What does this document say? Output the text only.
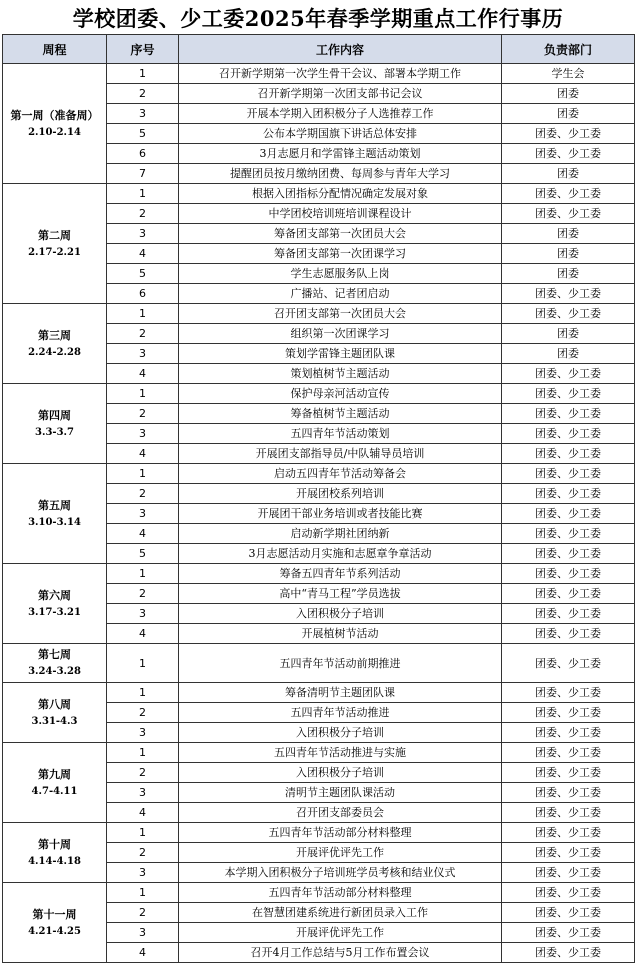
学校团委、少工委2025年春季学期重点工作行事历
周程	序号	工作内容	负责部门

第一周（准备周）
2.10-2.14	1	召开新学期第一次学生骨干会议、部署本学期工作	学生会
	2	召开新学期第一次团支部书记会议	团委
	3	开展本学期入团积极分子人选推荐工作	团委
	5	公布本学期国旗下讲话总体安排	团委、少工委
	6	3月志愿月和学雷锋主题活动策划	团委、少工委
	7	提醒团员按月缴纳团费、每周参与青年大学习	团委

第二周
2.17-2.21	1	根据入团指标分配情况确定发展对象	团委、少工委
	2	中学团校培训班培训课程设计	团委、少工委
	3	筹备团支部第一次团员大会	团委
	4	筹备团支部第一次团课学习	团委
	5	学生志愿服务队上岗	团委
	6	广播站、记者团启动	团委、少工委

第三周
2.24-2.28	1	召开团支部第一次团员大会	团委、少工委
	2	组织第一次团课学习	团委
	3	策划学雷锋主题团队课	团委
	4	策划植树节主题活动	团委、少工委

第四周
3.3-3.7	1	保护母亲河活动宣传	团委、少工委
	2	筹备植树节主题活动	团委、少工委
	3	五四青年节活动策划	团委、少工委
	4	开展团支部指导员/中队辅导员培训	团委、少工委

第五周
3.10-3.14	1	启动五四青年节活动筹备会	团委、少工委
	2	开展团校系列培训	团委、少工委
	3	开展团干部业务培训或者技能比赛	团委、少工委
	4	启动新学期社团纳新	团委、少工委
	5	3月志愿活动月实施和志愿章争章活动	团委、少工委

第六周
3.17-3.21	1	筹备五四青年节系列活动	团委、少工委
	2	高中“青马工程”学员选拔	团委、少工委
	3	入团积极分子培训	团委、少工委
	4	开展植树节活动	团委、少工委

第七周
3.24-3.28	1	五四青年节活动前期推进	团委、少工委

第八周
3.31-4.3	1	筹备清明节主题团队课	团委、少工委
	2	五四青年节活动推进	团委、少工委
	3	入团积极分子培训	团委、少工委

第九周
4.7-4.11	1	五四青年节活动推进与实施	团委、少工委
	2	入团积极分子培训	团委、少工委
	3	清明节主题团队课活动	团委、少工委
	4	召开团支部委员会	团委、少工委

第十周
4.14-4.18	1	五四青年节活动部分材料整理	团委、少工委
	2	开展评优评先工作	团委、少工委
	3	本学期入团积极分子培训班学员考核和结业仪式	团委、少工委

第十一周
4.21-4.25	1	五四青年节活动部分材料整理	团委、少工委
	2	在智慧团建系统进行新团员录入工作	团委、少工委
	3	开展评优评先工作	团委、少工委
	4	召开4月工作总结与5月工作布置会议	团委、少工委
